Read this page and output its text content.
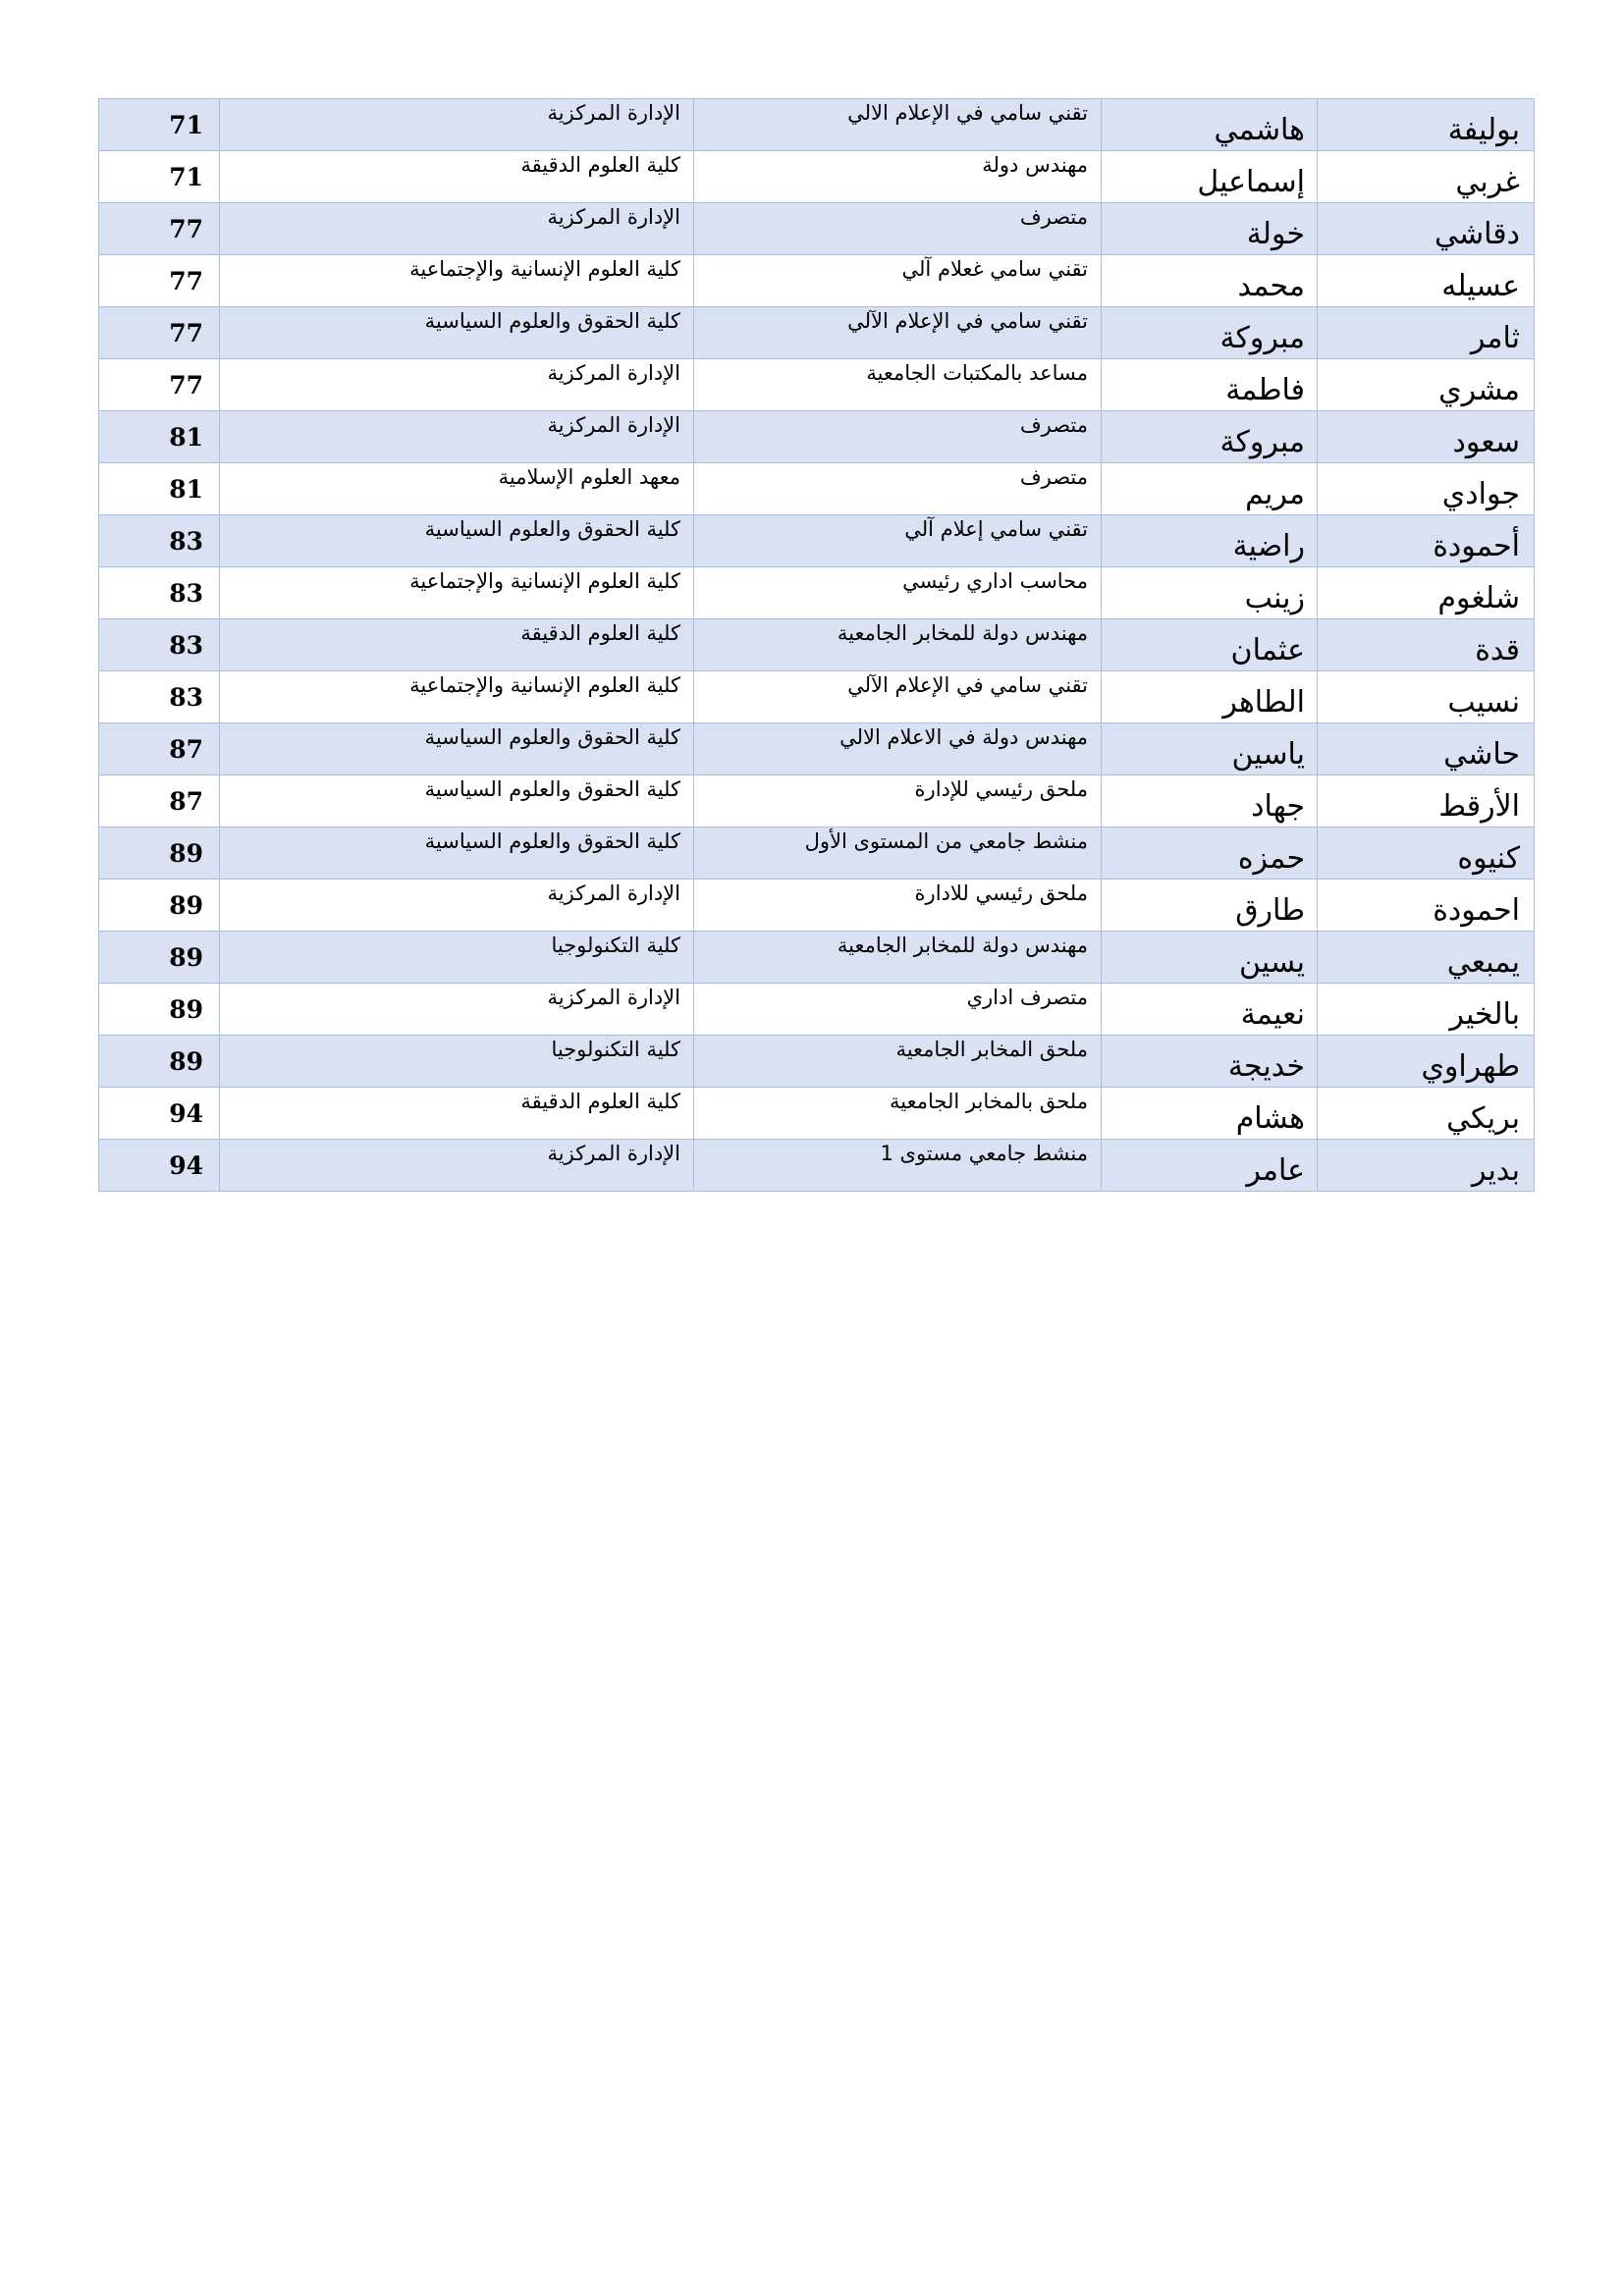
71	الإدارة المركزية	تقني سامي في الإعلام الالي	هاشمي	بوليفة
71	كلية العلوم الدقيقة	مهندس دولة	إسماعيل	غربي
77	الإدارة المركزية	متصرف	خولة	دقاشي
77	كلية العلوم الإنسانية والإجتماعية	تقني سامي غعلام آلي	محمد	عسيله
77	كلية الحقوق والعلوم السياسية	تقني سامي في الإعلام الآلي	مبروكة	ثامر
77	الإدارة المركزية	مساعد بالمكتبات الجامعية	فاطمة	مشري
81	الإدارة المركزية	متصرف	مبروكة	سعود
81	معهد العلوم الإسلامية	متصرف	مريم	جوادي
83	كلية الحقوق والعلوم السياسية	تقني سامي إعلام آلي	راضية	أحمودة
83	كلية العلوم الإنسانية والإجتماعية	محاسب اداري رئيسي	زينب	شلغوم
83	كلية العلوم الدقيقة	مهندس دولة للمخابر الجامعية	عثمان	قدة
83	كلية العلوم الإنسانية والإجتماعية	تقني سامي في الإعلام الآلي	الطاهر	نسيب
87	كلية الحقوق والعلوم السياسية	مهندس دولة في الاعلام الالي	ياسين	حاشي
87	كلية الحقوق والعلوم السياسية	ملحق رئيسي للإدارة	جهاد	الأرقط
89	كلية الحقوق والعلوم السياسية	منشط جامعي من المستوى الأول	حمزه	كنيوه
89	الإدارة المركزية	ملحق رئيسي للادارة	طارق	احمودة
89	كلية التكنولوجيا	مهندس دولة للمخابر الجامعية	يسين	يمبعي
89	الإدارة المركزية	متصرف اداري	نعيمة	بالخير
89	كلية التكنولوجيا	ملحق المخابر الجامعية	خديجة	طهراوي
94	كلية العلوم الدقيقة	ملحق بالمخابر الجامعية	هشام	بريكي
94	الإدارة المركزية	منشط جامعي مستوى 1	عامر	بدير
